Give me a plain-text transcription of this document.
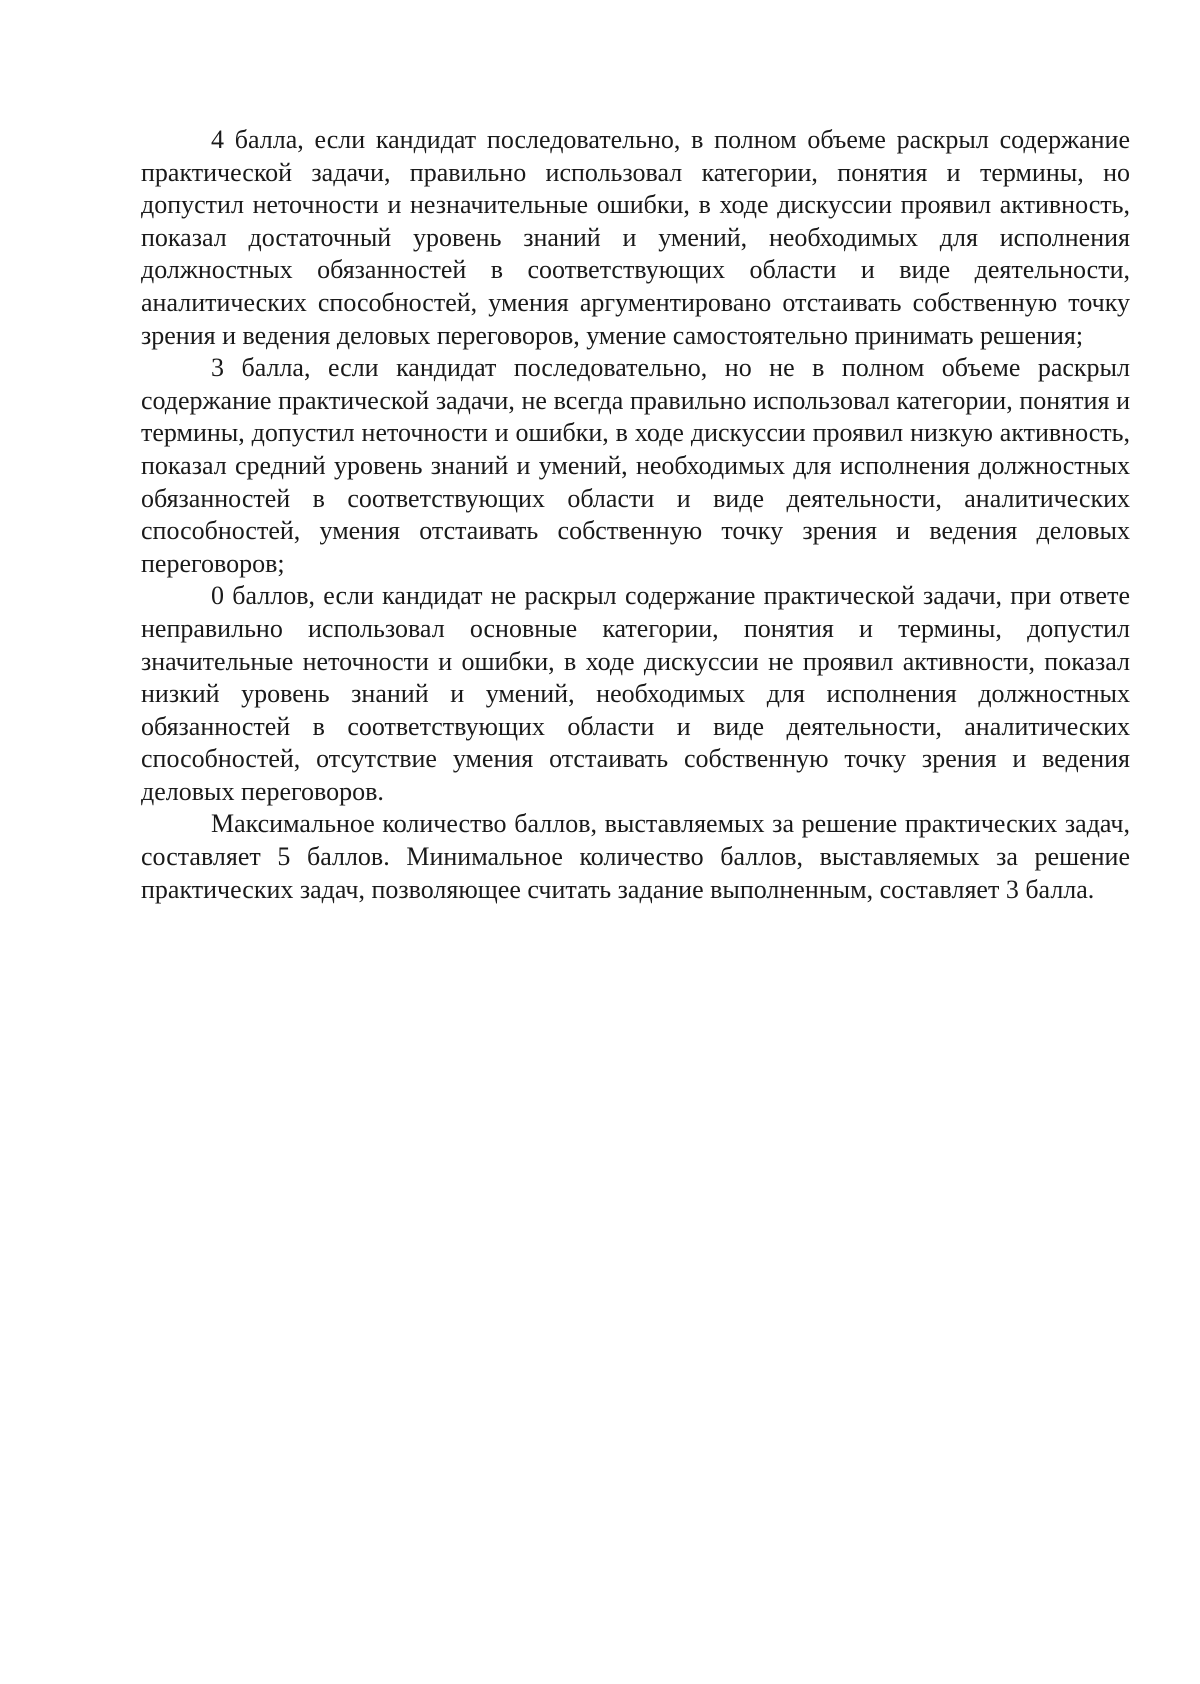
4 балла, если кандидат последовательно, в полном объеме раскрыл содержание практической задачи, правильно использовал категории, понятия и термины, но допустил неточности и незначительные ошибки, в ходе дискуссии проявил активность, показал достаточный уровень знаний и умений, необходимых для исполнения должностных обязанностей в соответствующих области и виде деятельности, аналитических способностей, умения аргументировано отстаивать собственную точку зрения и ведения деловых переговоров, умение самостоятельно принимать решения;

3 балла, если кандидат последовательно, но не в полном объеме раскрыл содержание практической задачи, не всегда правильно использовал категории, понятия и термины, допустил неточности и ошибки, в ходе дискуссии проявил низкую активность, показал средний уровень знаний и умений, необходимых для исполнения должностных обязанностей в соответствующих области и виде деятельности, аналитических способностей, умения отстаивать собственную точку зрения и ведения деловых переговоров;

0 баллов, если кандидат не раскрыл содержание практической задачи, при ответе неправильно использовал основные категории, понятия и термины, допустил значительные неточности и ошибки, в ходе дискуссии не проявил активности, показал низкий уровень знаний и умений, необходимых для исполнения должностных обязанностей в соответствующих области и виде деятельности, аналитических способностей, отсутствие умения отстаивать собственную точку зрения и ведения деловых переговоров.

Максимальное количество баллов, выставляемых за решение практических задач, составляет 5 баллов. Минимальное количество баллов, выставляемых за решение практических задач, позволяющее считать задание выполненным, составляет 3 балла.
